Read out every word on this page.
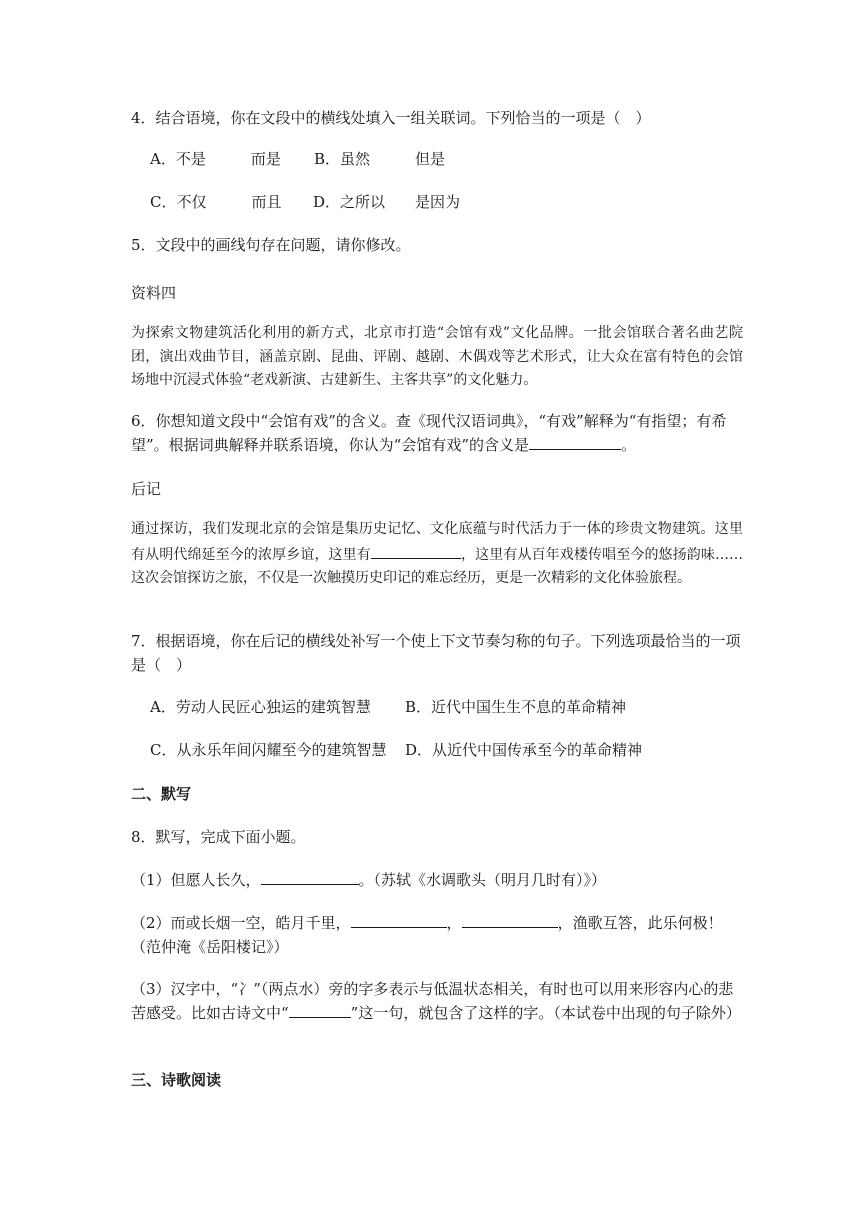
4．结合语境，你在文段中的横线处填入一组关联词。下列恰当的一项是（　）
A．不是　　　而是 B．虽然　　　但是
C．不仅　　　而且 D．之所以　　是因为
5．文段中的画线句存在问题，请你修改。
资料四
为探索文物建筑活化利用的新方式，北京市打造“会馆有戏”文化品牌。一批会馆联合著名曲艺院团，演出戏曲节目，涵盖京剧、昆曲、评剧、越剧、木偶戏等艺术形式，让大众在富有特色的会馆场地中沉浸式体验“老戏新演、古建新生、主客共享”的文化魅力。
6．你想知道文段中“会馆有戏”的含义。查《现代汉语词典》，“有戏”解释为“有指望；有希望”。根据词典解释并联系语境，你认为“会馆有戏”的含义是	。
后记
通过探访，我们发现北京的会馆是集历史记忆、文化底蕴与时代活力于一体的珍贵文物建筑。这里有从明代绵延至今的浓厚乡谊，这里有	，这里有从百年戏楼传唱至今的悠扬韵味……这次会馆探访之旅，不仅是一次触摸历史印记的难忘经历，更是一次精彩的文化体验旅程。
7．根据语境，你在后记的横线处补写一个使上下文节奏匀称的句子。下列选项最恰当的一项是（　）
A．劳动人民匠心独运的建筑智慧 B．近代中国生生不息的革命精神
C．从永乐年间闪耀至今的建筑智慧 D．从近代中国传承至今的革命精神
二、默写
8．默写，完成下面小题。
（1）但愿人长久，	。（苏轼《水调歌头（明月几时有）》）
（2）而或长烟一空，皓月千里，	，	，渔歌互答，此乐何极！（范仲淹《岳阳楼记》）
（3）汉字中，“冫”（两点水）旁的字多表示与低温状态相关，有时也可以用来形容内心的悲苦感受。比如古诗文中“	”这一句，就包含了这样的字。（本试卷中出现的句子除外）
三、诗歌阅读
